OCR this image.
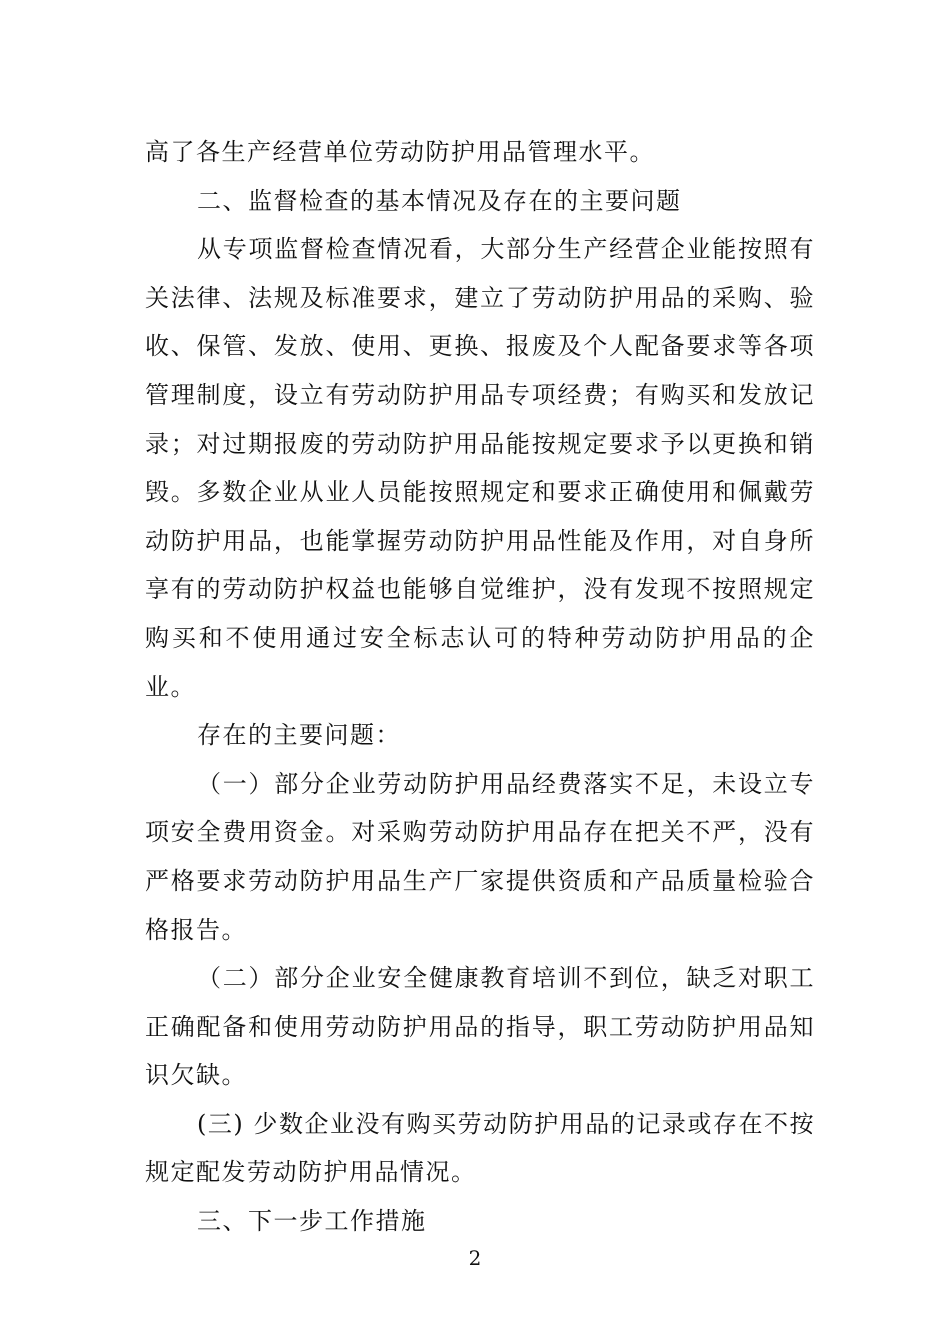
高了各生产经营单位劳动防护用品管理水平。

二、监督检查的基本情况及存在的主要问题

从专项监督检查情况看，大部分生产经营企业能按照有关法律、法规及标准要求，建立了劳动防护用品的采购、验收、保管、发放、使用、更换、报废及个人配备要求等各项管理制度，设立有劳动防护用品专项经费；有购买和发放记录；对过期报废的劳动防护用品能按规定要求予以更换和销毁。多数企业从业人员能按照规定和要求正确使用和佩戴劳动防护用品，也能掌握劳动防护用品性能及作用，对自身所享有的劳动防护权益也能够自觉维护，没有发现不按照规定购买和不使用通过安全标志认可的特种劳动防护用品的企业。

存在的主要问题：

（一）部分企业劳动防护用品经费落实不足，未设立专项安全费用资金。对采购劳动防护用品存在把关不严，没有严格要求劳动防护用品生产厂家提供资质和产品质量检验合格报告。

（二）部分企业安全健康教育培训不到位，缺乏对职工正确配备和使用劳动防护用品的指导，职工劳动防护用品知识欠缺。

(三) 少数企业没有购买劳动防护用品的记录或存在不按规定配发劳动防护用品情况。

三、下一步工作措施

2
